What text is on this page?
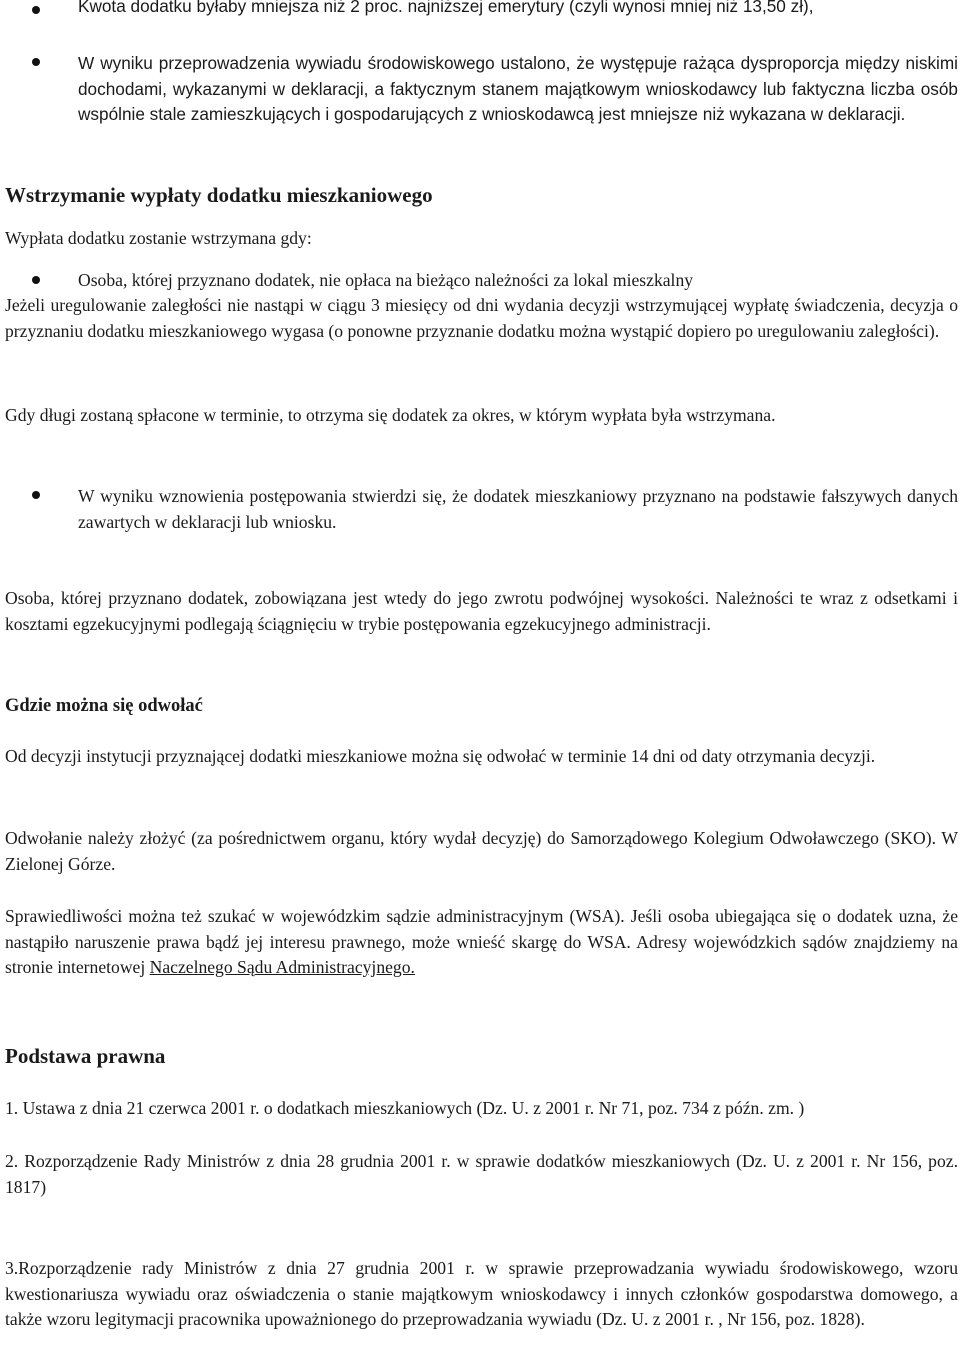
Kwota dodatku byłaby mniejsza niż 2 proc. najniższej emerytury (czyli wynosi mniej niż 13,50 zł),
W wyniku przeprowadzenia wywiadu środowiskowego ustalono, że występuje rażąca dysproporcja między niskimi dochodami, wykazanymi w deklaracji, a faktycznym stanem majątkowym wnioskodawcy lub faktyczna liczba osób wspólnie stale zamieszkujących i gospodarujących z wnioskodawcą jest mniejsze niż wykazana w deklaracji.
Wstrzymanie wypłaty dodatku mieszkaniowego
Wypłata dodatku zostanie wstrzymana gdy:
Osoba, której przyznano dodatek, nie opłaca na bieżąco należności za lokal mieszkalny
Jeżeli uregulowanie zaległości nie nastąpi w ciągu 3 miesięcy od dni wydania decyzji wstrzymującej wypłatę świadczenia, decyzja o przyznaniu dodatku mieszkaniowego wygasa (o ponowne przyznanie dodatku można wystąpić dopiero po uregulowaniu zaległości).
Gdy długi zostaną spłacone w terminie, to otrzyma się dodatek za okres, w którym wypłata była wstrzymana.
W wyniku wznowienia postępowania stwierdzi się, że dodatek mieszkaniowy przyznano na podstawie fałszywych danych zawartych w deklaracji lub wniosku.
Osoba, której przyznano dodatek, zobowiązana jest wtedy do jego zwrotu podwójnej wysokości. Należności te wraz z odsetkami i kosztami egzekucyjnymi podlegają ściągnięciu w trybie postępowania egzekucyjnego administracji.
Gdzie można się odwołać
Od decyzji instytucji przyznającej dodatki mieszkaniowe można się odwołać w terminie 14 dni od daty otrzymania decyzji.
Odwołanie należy złożyć (za pośrednictwem organu, który wydał decyzję) do Samorządowego Kolegium Odwoławczego (SKO). W Zielonej Górze.
Sprawiedliwości można też szukać w wojewódzkim sądzie administracyjnym (WSA). Jeśli osoba ubiegająca się o dodatek uzna, że nastąpiło naruszenie prawa bądź jej interesu prawnego, może wnieść skargę do WSA. Adresy wojewódzkich sądów znajdziemy na stronie internetowej Naczelnego Sądu Administracyjnego.
Podstawa prawna
1. Ustawa z dnia 21 czerwca 2001 r. o dodatkach mieszkaniowych (Dz. U. z 2001 r. Nr 71, poz. 734 z późn. zm. )
2. Rozporządzenie Rady Ministrów z dnia 28 grudnia 2001 r. w sprawie dodatków mieszkaniowych (Dz. U. z 2001 r. Nr 156, poz. 1817)
3.Rozporządzenie rady Ministrów z dnia 27 grudnia 2001 r. w sprawie przeprowadzania wywiadu środowiskowego, wzoru kwestionariusza wywiadu oraz oświadczenia o stanie majątkowym wnioskodawcy i innych członków gospodarstwa domowego, a także wzoru legitymacji pracownika upoważnionego do przeprowadzania wywiadu (Dz. U. z 2001 r. , Nr 156, poz. 1828).
